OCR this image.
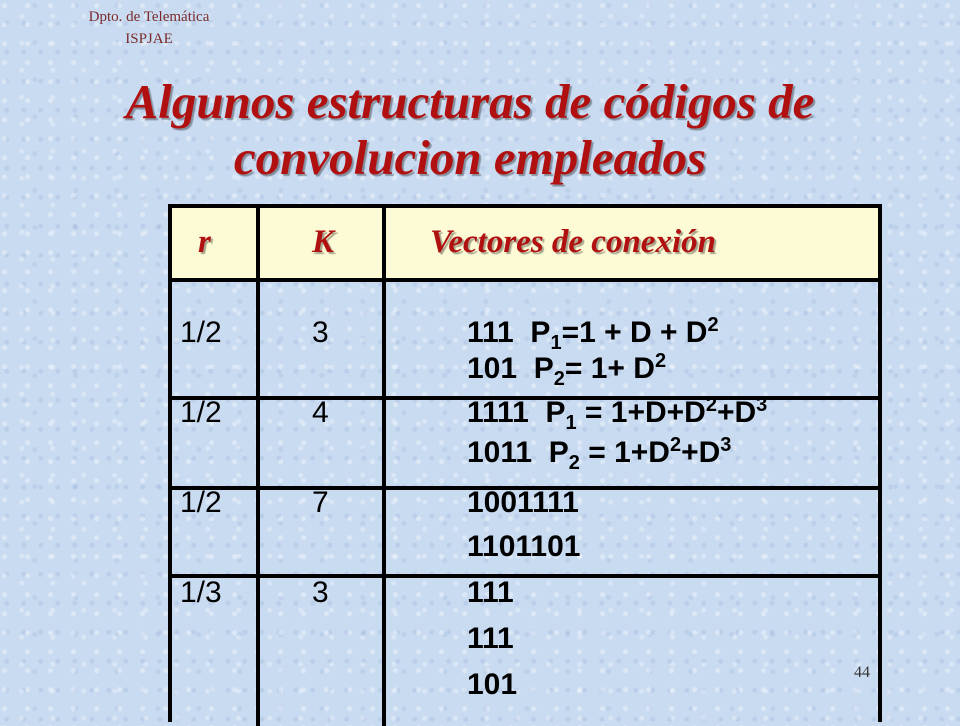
Dpto. de Telemática
ISPJAE
Algunos estructuras de códigos de
convolucion empleados
r	K	Vectores de conexión
1/2	3	111 $P_1=1 + D + D^2$
101 $P_2= 1+ D^2$
1/2	4	1111 $P_1 = 1+D+D^2+D^3$
1011 $P_2 = 1+D^2+D^3$
1/2	7	1001111
1101101
1/3	3	111
111
101	44
